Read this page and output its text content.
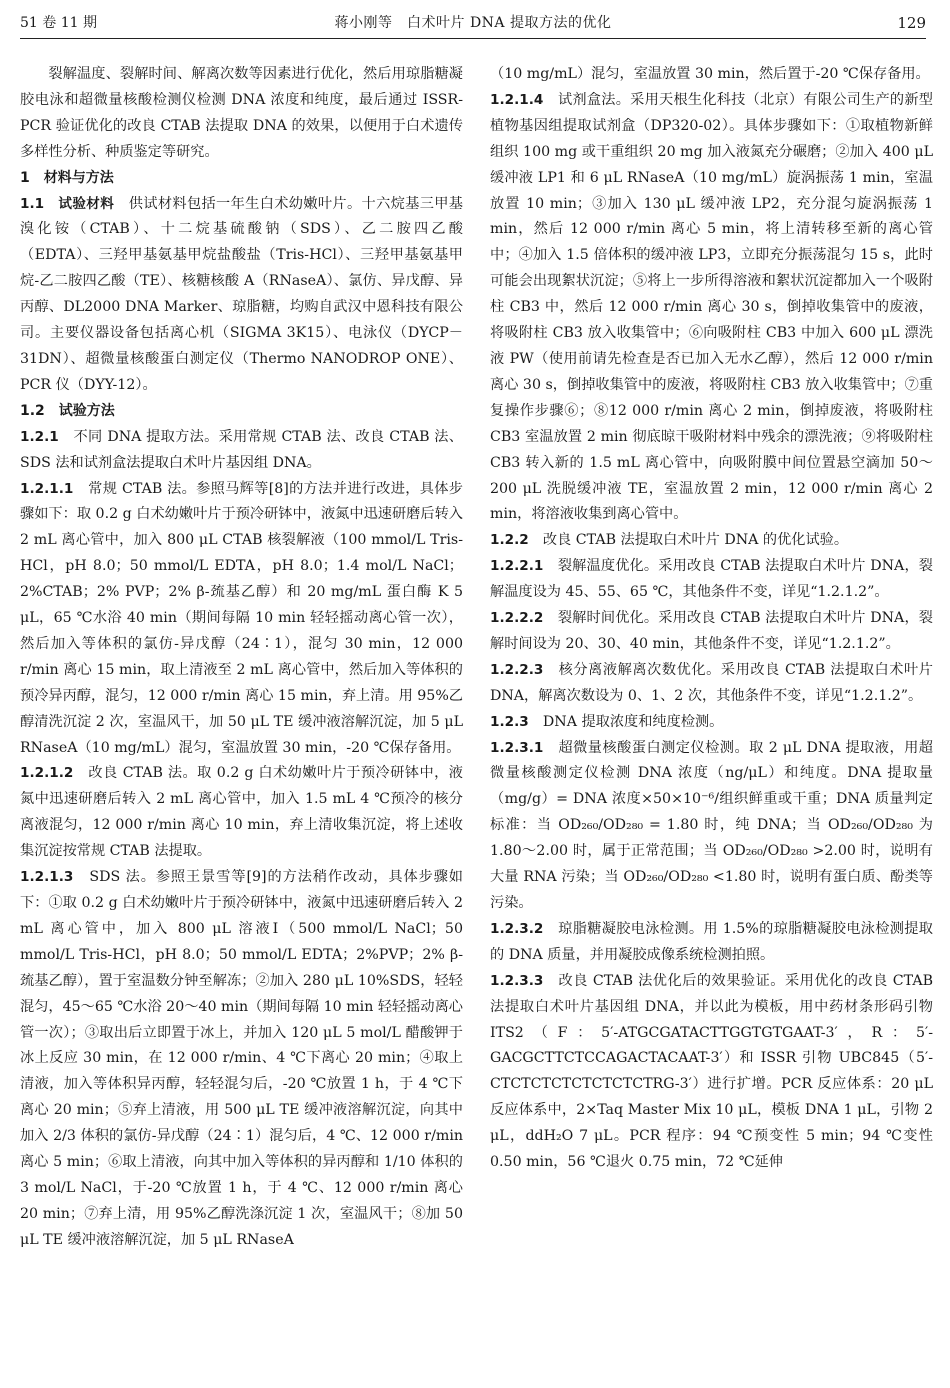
51 卷 11 期	蒋小刚等　白术叶片 DNA 提取方法的优化	129

裂解温度、裂解时间、解离次数等因素进行优化，然后用琼脂糖凝胶电泳和超微量核酸检测仪检测 DNA 浓度和纯度，最后通过 ISSR-PCR 验证优化的改良 CTAB 法提取 DNA 的效果，以便用于白术遗传多样性分析、种质鉴定等研究。

1　材料与方法

1.1　试验材料　供试材料包括一年生白术幼嫩叶片。十六烷基三甲基溴化铵（CTAB）、十二烷基硫酸钠（SDS）、乙二胺四乙酸（EDTA）、三羟甲基氨基甲烷盐酸盐（Tris-HCl）、三羟甲基氨基甲烷-乙二胺四乙酸（TE）、核糖核酸 A（RNaseA）、氯仿、异戊醇、异丙醇、DL2000 DNA Marker、琼脂糖，均购自武汉中恩科技有限公司。主要仪器设备包括离心机（SIGMA 3K15）、电泳仪（DYCP－31DN）、超微量核酸蛋白测定仪（Thermo NANODROP ONE）、PCR 仪（DYY-12）。

1.2　试验方法

1.2.1　不同 DNA 提取方法。采用常规 CTAB 法、改良 CTAB 法、SDS 法和试剂盒法提取白术叶片基因组 DNA。

1.2.1.1　常规 CTAB 法。参照马辉等[8]的方法并进行改进，具体步骤如下：取 0.2 g 白术幼嫩叶片于预冷研钵中，液氮中迅速研磨后转入 2 mL 离心管中，加入 800 μL CTAB 核裂解液（100 mmol/L Tris-HCl，pH 8.0；50 mmol/L EDTA，pH 8.0；1.4 mol/L NaCl；2%CTAB；2% PVP；2% β-巯基乙醇）和 20 mg/mL 蛋白酶 K 5 μL，65 ℃水浴 40 min（期间每隔 10 min 轻轻摇动离心管一次），然后加入等体积的氯仿-异戊醇（24∶1），混匀 30 min，12 000 r/min 离心 15 min，取上清液至 2 mL 离心管中，然后加入等体积的预冷异丙醇，混匀，12 000 r/min 离心 15 min，弃上清。用 95%乙醇清洗沉淀 2 次，室温风干，加 50 μL TE 缓冲液溶解沉淀，加 5 μL RNaseA（10 mg/mL）混匀，室温放置 30 min，-20 ℃保存备用。

1.2.1.2　改良 CTAB 法。取 0.2 g 白术幼嫩叶片于预冷研钵中，液氮中迅速研磨后转入 2 mL 离心管中，加入 1.5 mL 4 ℃预冷的核分离液混匀，12 000 r/min 离心 10 min，弃上清收集沉淀，将上述收集沉淀按常规 CTAB 法提取。

1.2.1.3　SDS 法。参照王景雪等[9]的方法稍作改动，具体步骤如下：①取 0.2 g 白术幼嫩叶片于预冷研钵中，液氮中迅速研磨后转入 2 mL 离心管中，加入 800 μL 溶液Ⅰ（500 mmol/L NaCl；50 mmol/L Tris-HCl，pH 8.0；50 mmol/L EDTA；2%PVP；2% β-巯基乙醇），置于室温数分钟至解冻；②加入 280 μL 10%SDS，轻轻混匀，45～65 ℃水浴 20～40 min（期间每隔 10 min 轻轻摇动离心管一次）；③取出后立即置于冰上，并加入 120 μL 5 mol/L 醋酸钾于冰上反应 30 min，在 12 000 r/min、4 ℃下离心 20 min；④取上清液，加入等体积异丙醇，轻轻混匀后，-20 ℃放置 1 h，于 4 ℃下离心 20 min；⑤弃上清液，用 500 μL TE 缓冲液溶解沉淀，向其中加入 2/3 体积的氯仿-异戊醇（24∶1）混匀后，4 ℃、12 000 r/min 离心 5 min；⑥取上清液，向其中加入等体积的异丙醇和 1/10 体积的 3 mol/L NaCl，于-20 ℃放置 1 h，于 4 ℃、12 000 r/min 离心 20 min；⑦弃上清，用 95%乙醇洗涤沉淀 1 次，室温风干；⑧加 50 μL TE 缓冲液溶解沉淀，加 5 μL RNaseA

（10 mg/mL）混匀，室温放置 30 min，然后置于-20 ℃保存备用。

1.2.1.4　试剂盒法。采用天根生化科技（北京）有限公司生产的新型植物基因组提取试剂盒（DP320-02）。具体步骤如下：①取植物新鲜组织 100 mg 或干重组织 20 mg 加入液氮充分碾磨；②加入 400 μL 缓冲液 LP1 和 6 μL RNaseA（10 mg/mL）旋涡振荡 1 min，室温放置 10 min；③加入 130 μL 缓冲液 LP2，充分混匀旋涡振荡 1 min，然后 12 000 r/min 离心 5 min，将上清转移至新的离心管中；④加入 1.5 倍体积的缓冲液 LP3，立即充分振荡混匀 15 s，此时可能会出现絮状沉淀；⑤将上一步所得溶液和絮状沉淀都加入一个吸附柱 CB3 中，然后 12 000 r/min 离心 30 s，倒掉收集管中的废液，将吸附柱 CB3 放入收集管中；⑥向吸附柱 CB3 中加入 600 μL 漂洗液 PW（使用前请先检查是否已加入无水乙醇），然后 12 000 r/min 离心 30 s，倒掉收集管中的废液，将吸附柱 CB3 放入收集管中；⑦重复操作步骤⑥；⑧12 000 r/min 离心 2 min，倒掉废液，将吸附柱 CB3 室温放置 2 min 彻底晾干吸附材料中残余的漂洗液；⑨将吸附柱 CB3 转入新的 1.5 mL 离心管中，向吸附膜中间位置悬空滴加 50～200 μL 洗脱缓冲液 TE，室温放置 2 min，12 000 r/min 离心 2 min，将溶液收集到离心管中。

1.2.2　改良 CTAB 法提取白术叶片 DNA 的优化试验。

1.2.2.1　裂解温度优化。采用改良 CTAB 法提取白术叶片 DNA，裂解温度设为 45、55、65 ℃，其他条件不变，详见“1.2.1.2”。

1.2.2.2　裂解时间优化。采用改良 CTAB 法提取白术叶片 DNA，裂解时间设为 20、30、40 min，其他条件不变，详见“1.2.1.2”。

1.2.2.3　核分离液解离次数优化。采用改良 CTAB 法提取白术叶片 DNA，解离次数设为 0、1、2 次，其他条件不变，详见“1.2.1.2”。

1.2.3　DNA 提取浓度和纯度检测。

1.2.3.1　超微量核酸蛋白测定仪检测。取 2 μL DNA 提取液，用超微量核酸测定仪检测 DNA 浓度（ng/μL）和纯度。DNA 提取量（mg/g）= DNA 浓度×50×10⁻⁶/组织鲜重或干重；DNA 质量判定标准：当 OD₂₆₀/OD₂₈₀ = 1.80 时，纯 DNA；当 OD₂₆₀/OD₂₈₀ 为 1.80～2.00 时，属于正常范围；当 OD₂₆₀/OD₂₈₀ >2.00 时，说明有大量 RNA 污染；当 OD₂₆₀/OD₂₈₀ <1.80 时，说明有蛋白质、酚类等污染。

1.2.3.2　琼脂糖凝胶电泳检测。用 1.5%的琼脂糖凝胶电泳检测提取的 DNA 质量，并用凝胶成像系统检测拍照。

1.2.3.3　改良 CTAB 法优化后的效果验证。采用优化的改良 CTAB 法提取白术叶片基因组 DNA，并以此为模板，用中药材条形码引物 ITS2（F：5′-ATGCGATACTTGGTGTGAAT-3′，R：5′-GACGCTTCTCCAGACTACAAT-3′）和 ISSR 引物 UBC845（5′-CTCTCTCTCTCTCTCTRG-3′）进行扩增。PCR 反应体系：20 μL 反应体系中，2×Taq Master Mix 10 μL，模板 DNA 1 μL，引物 2 μL，ddH₂O 7 μL。PCR 程序：94 ℃预变性 5 min；94 ℃变性 0.50 min，56 ℃退火 0.75 min，72 ℃延伸
